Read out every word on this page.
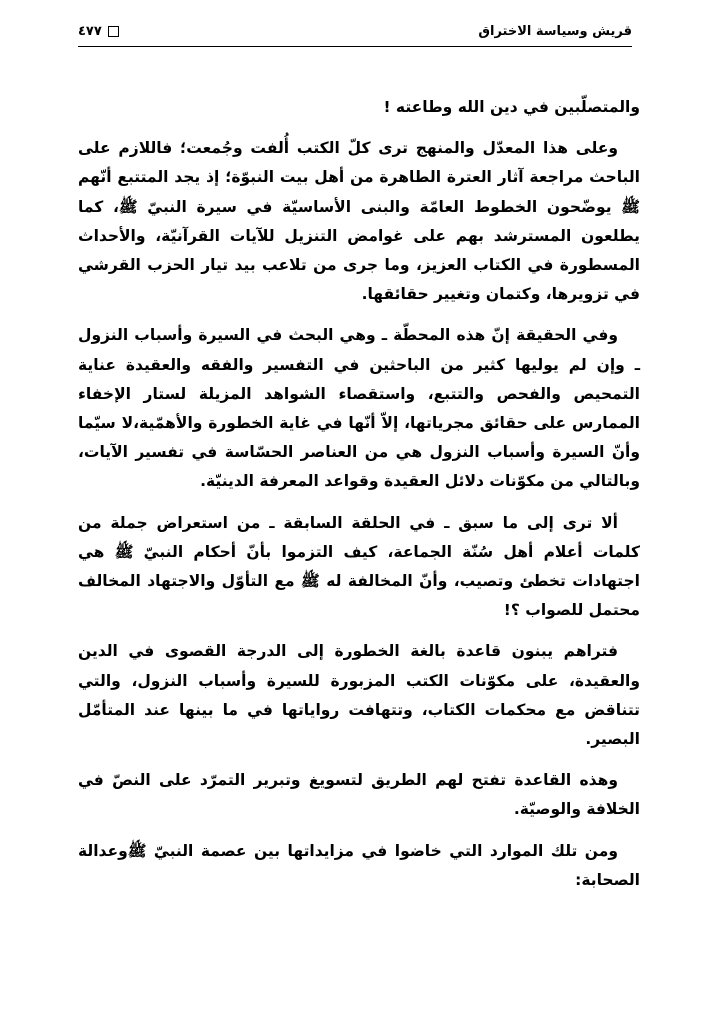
قريش وسياسة الاختراق
٤٧٧

والمتصلّبين في دين الله وطاعته !

وعلى هذا المعدّل والمنهج ترى كلّ الكتب أُلفت وجُمعت؛ فاللازم على الباحث مراجعة آثار العترة الطاهرة من أهل بيت النبوّة؛ إذ يجد المتتبع أنّهم ﷺ يوضّحون الخطوط العامّة والبنى الأساسيّة في سيرة النبيّ ﷺ، كما يطلعون المسترشد بهم على غوامض التنزيل للآيات القرآنيّة، والأحداث المسطورة في الكتاب العزيز، وما جرى من تلاعب بيد تيار الحزب القرشي في تزويرها، وكتمان وتغيير حقائقها.

وفي الحقيقة إنّ هذه المحطّة ـ وهي البحث في السيرة وأسباب النزول ـ وإن لم يوليها كثير من الباحثين في التفسير والفقه والعقيدة عناية التمحيص والفحص والتتبع، واستقصاء الشواهد المزيلة لستار الإخفاء الممارس على حقائق مجرياتها، إلاّ أنّها في غاية الخطورة والأهمّية،لا سيّما وأنّ السيرة وأسباب النزول هي من العناصر الحسّاسة في تفسير الآيات، وبالتالي من مكوّنات دلائل العقيدة وقواعد المعرفة الدينيّة.

ألا ترى إلى ما سبق ـ في الحلقة السابقة ـ من استعراض جملة من كلمات أعلام أهل سُنّة الجماعة، كيف التزموا بأنّ أحكام النبيّ ﷺ هي اجتهادات تخطئ وتصيب، وأنّ المخالفة له ﷺ مع التأوّل والاجتهاد المخالف محتمل للصواب ؟!

فتراهم يبنون قاعدة بالغة الخطورة إلى الدرجة القصوى في الدين والعقيدة، على مكوّنات الكتب المزبورة للسيرة وأسباب النزول، والتي تتناقض مع محكمات الكتاب، وتتهافت رواياتها في ما بينها عند المتأمّل البصير.

وهذه القاعدة تفتح لهم الطريق لتسويغ وتبرير التمرّد على النصّ في الخلافة والوصيّة.

ومن تلك الموارد التي خاضوا في مزايداتها بين عصمة النبيّ ﷺوعدالة الصحابة:
